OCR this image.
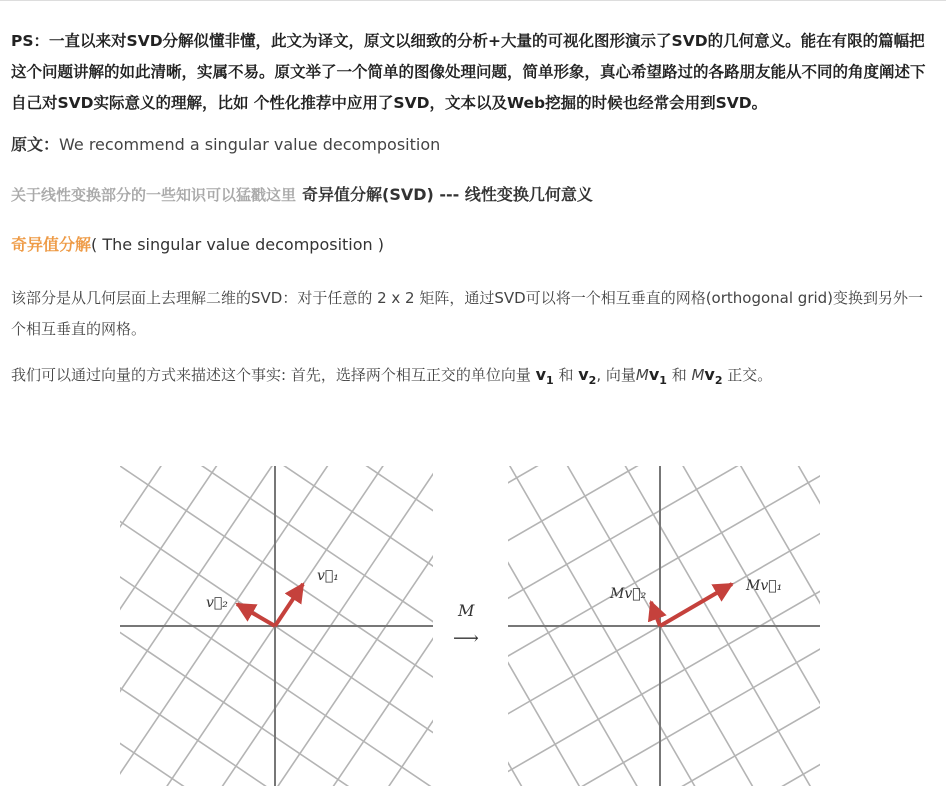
PS：一直以来对SVD分解似懂非懂，此文为译文，原文以细致的分析+大量的可视化图形演示了SVD的几何意义。能在有限的篇幅把这个问题讲解的如此清晰，实属不易。原文举了一个简单的图像处理问题，简单形象，真心希望路过的各路朋友能从不同的角度阐述下自己对SVD实际意义的理解，比如 个性化推荐中应用了SVD，文本以及Web挖掘的时候也经常会用到SVD。

原文：We recommend a singular value decomposition
关于线性变换部分的一些知识可以猛戳这里 奇异值分解(SVD) --- 线性变换几何意义
奇异值分解( The singular value decomposition )

该部分是从几何层面上去理解二维的SVD：对于任意的 2 x 2 矩阵，通过SVD可以将一个相互垂直的网格(orthogonal grid)变换到另外一个相互垂直的网格。

我们可以通过向量的方式来描述这个事实: 首先，选择两个相互正交的单位向量 $v_1$ 和 $v_2$, 向量$Mv_1$ 和 $Mv_2$ 正交。

v⃗₁
v⃗₂	M
⟶
Mv⃗₁
Mv⃗₂
